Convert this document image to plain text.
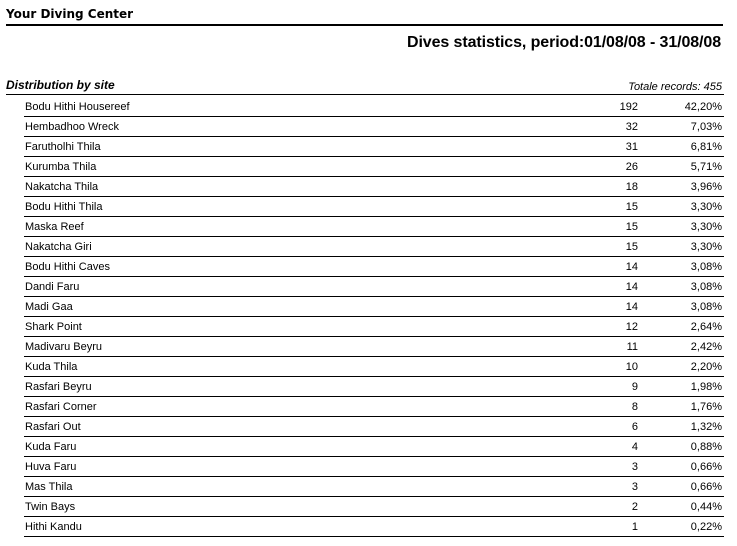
Your Diving Center
Dives statistics, period:01/08/08 - 31/08/08
Distribution by site	Totale records: 455
Bodu Hithi Housereef	192	42,20%
Hembadhoo Wreck	32	7,03%
Farutholhi Thila	31	6,81%
Kurumba Thila	26	5,71%
Nakatcha Thila	18	3,96%
Bodu Hithi Thila	15	3,30%
Maska Reef	15	3,30%
Nakatcha Giri	15	3,30%
Bodu Hithi Caves	14	3,08%
Dandi Faru	14	3,08%
Madi Gaa	14	3,08%
Shark Point	12	2,64%
Madivaru Beyru	11	2,42%
Kuda Thila	10	2,20%
Rasfari Beyru	9	1,98%
Rasfari Corner	8	1,76%
Rasfari Out	6	1,32%
Kuda Faru	4	0,88%
Huva Faru	3	0,66%
Mas Thila	3	0,66%
Twin Bays	2	0,44%
Hithi Kandu	1	0,22%
